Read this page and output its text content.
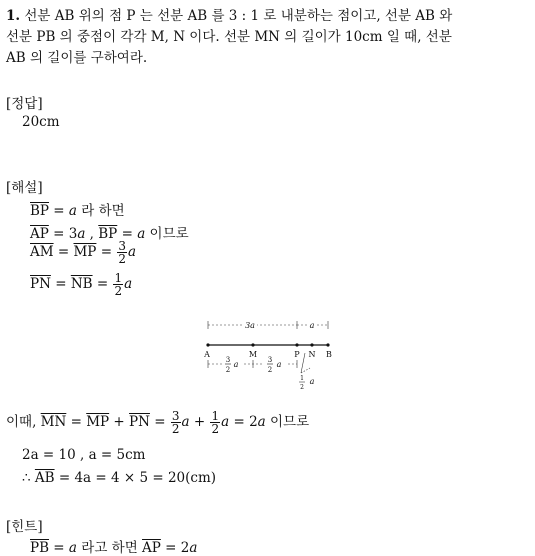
1. 선분 AB 위의 점 P 는 선분 AB 를 3 : 1 로 내분하는 점이고, 선분 AB 와
선분 PB 의 중점이 각각 M, N 이다. 선분 MN 의 길이가 10cm 일 때, 선분
AB 의 길이를 구하여라.
[정답]
20cm
[해설]
$\overline{BP} = a$ 라 하면
$\overline{AP} = 3a$ , $\overline{BP} = a$ 이므로
$\overline{AM} = \overline{MP} = \frac{3}{2}$ a
$\overline{PN} = \overline{NB} = \frac{1}{2}$ a
3a	a
A	M	P N B
3
2
a	3
2
a
1
2
a
이때, $\overline{MN} = \overline{MP} + \overline{PN} = \frac{3}{2}$ $a + \frac{1}{2}$ a = 2a 이므로
2a = 10 , a = 5cm
∴ $\overline{AB} = 4a = 4 \times 5 = 20(cm)$
[힌트]
$\overline{PB} = a$ 라고 하면 $\overline{AP} = 2a$
